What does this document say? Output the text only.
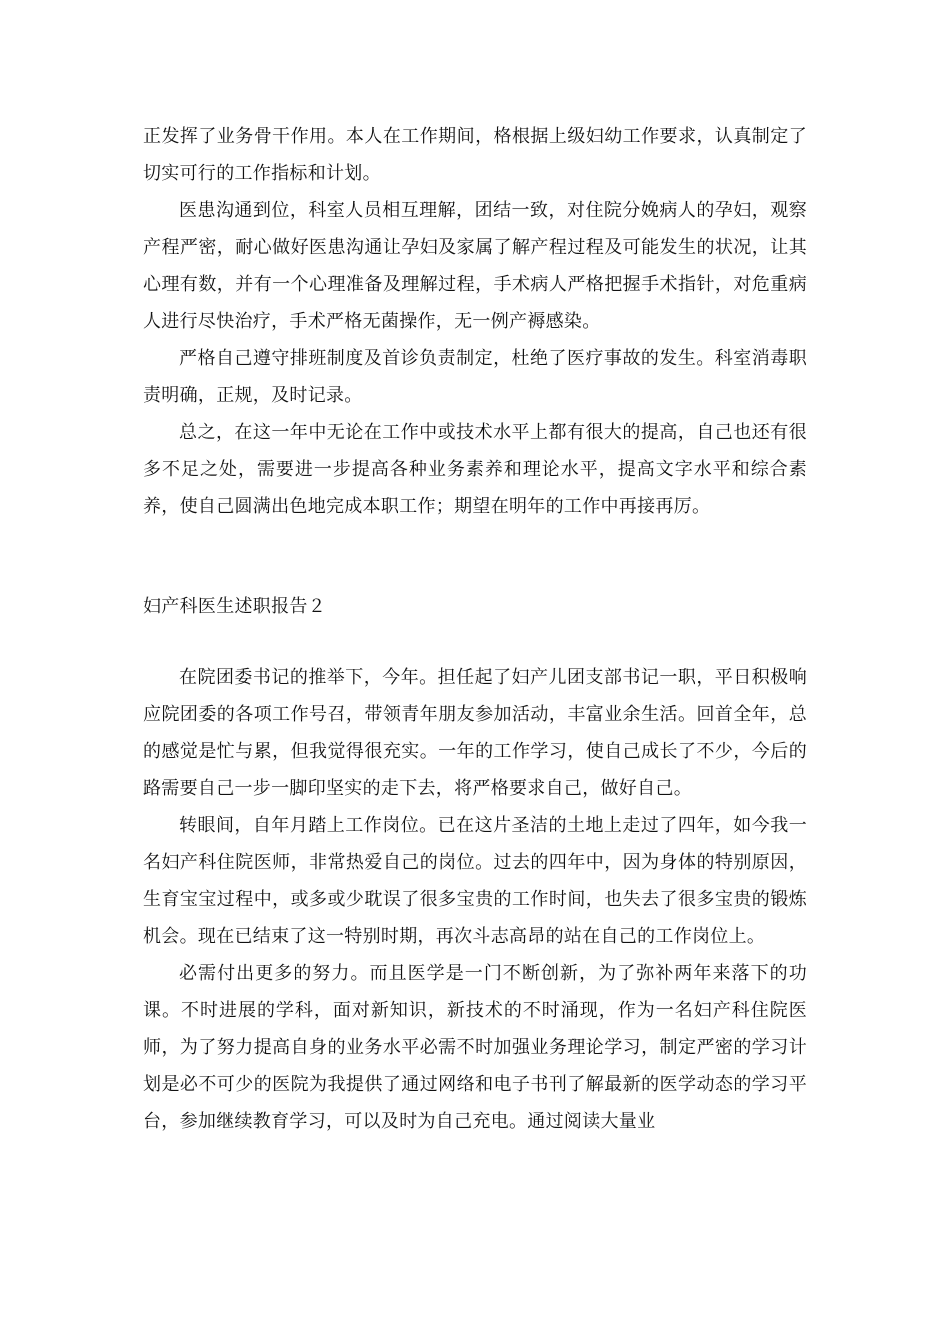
正发挥了业务骨干作用。本人在工作期间，格根据上级妇幼工作要求，认真制定了切实可行的工作指标和计划。

医患沟通到位，科室人员相互理解，团结一致，对住院分娩病人的孕妇，观察产程严密，耐心做好医患沟通让孕妇及家属了解产程过程及可能发生的状况，让其心理有数，并有一个心理准备及理解过程，手术病人严格把握手术指针，对危重病人进行尽快治疗，手术严格无菌操作，无一例产褥感染。

严格自己遵守排班制度及首诊负责制定，杜绝了医疗事故的发生。科室消毒职责明确，正规，及时记录。

总之，在这一年中无论在工作中或技术水平上都有很大的提高，自己也还有很多不足之处，需要进一步提高各种业务素养和理论水平，提高文字水平和综合素养，使自己圆满出色地完成本职工作；期望在明年的工作中再接再厉。

妇产科医生述职报告２

在院团委书记的推举下，今年。担任起了妇产儿团支部书记一职，平日积极响应院团委的各项工作号召，带领青年朋友参加活动，丰富业余生活。回首全年，总的感觉是忙与累，但我觉得很充实。一年的工作学习，使自己成长了不少，今后的路需要自己一步一脚印坚实的走下去，将严格要求自己，做好自己。

转眼间，自年月踏上工作岗位。已在这片圣洁的土地上走过了四年，如今我一名妇产科住院医师，非常热爱自己的岗位。过去的四年中，因为身体的特别原因，生育宝宝过程中，或多或少耽误了很多宝贵的工作时间，也失去了很多宝贵的锻炼机会。现在已结束了这一特别时期，再次斗志高昂的站在自己的工作岗位上。

必需付出更多的努力。而且医学是一门不断创新，为了弥补两年来落下的功课。不时进展的学科，面对新知识，新技术的不时涌现，作为一名妇产科住院医师，为了努力提高自身的业务水平必需不时加强业务理论学习，制定严密的学习计划是必不可少的医院为我提供了通过网络和电子书刊了解最新的医学动态的学习平台，参加继续教育学习，可以及时为自己充电。通过阅读大量业
